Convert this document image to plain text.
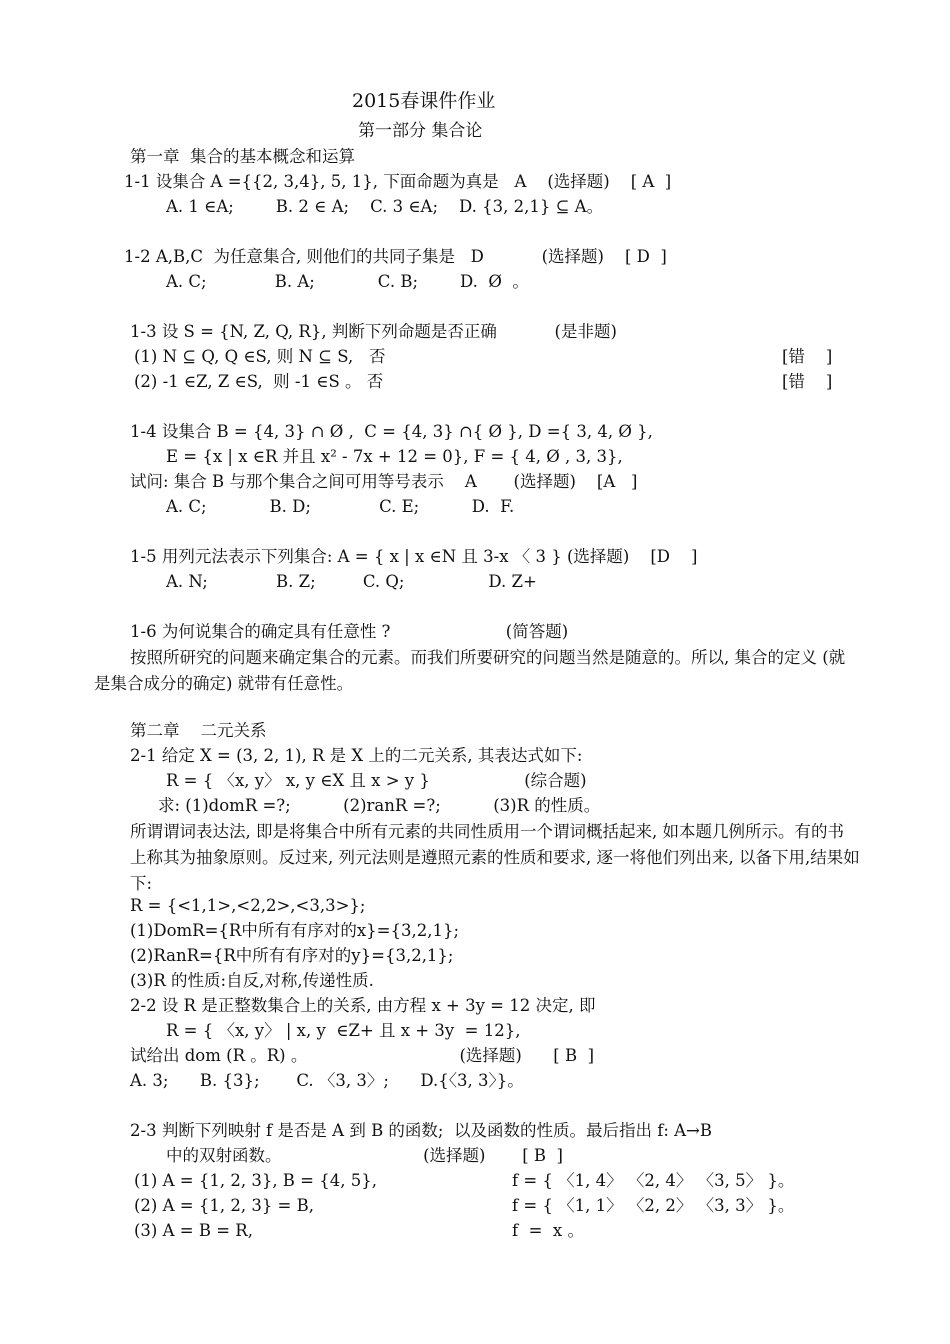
2015春课件作业
第一部分 集合论
第一章  集合的基本概念和运算
1-1 设集合 A ={{2, 3,4}, 5, 1}, 下面命题为真是   A    (选择题)    [ A  ]
A. 1 ∈A;        B. 2 ∈ A;    C. 3 ∈A;    D. {3, 2,1} ⊆ A。
1-2 A,B,C  为任意集合, 则他们的共同子集是   D           (选择题)    [ D  ]
A. C;             B. A;            C. B;        D.  Ø  。
1-3 设 S = {N, Z, Q, R}, 判断下列命题是否正确           (是非题)
(1) N ⊆ Q, Q ∈S, 则 N ⊆ S,   否	[错    ]
(2) -1 ∈Z, Z ∈S,  则 -1 ∈S 。 否	[错    ]
1-4 设集合 B = {4, 3} ∩ Ø ,  C = {4, 3} ∩{ Ø }, D ={ 3, 4, Ø },
E = {x | x ∈R 并且 x² - 7x + 12 = 0}, F = { 4, Ø , 3, 3},
试问: 集合 B 与那个集合之间可用等号表示    A       (选择题)    [A   ]
A. C;            B. D;             C. E;          D.  F.
1-5 用列元法表示下列集合: A = { x | x ∈N 且 3-x 〈 3 } (选择题)    [D    ]
A. N;             B. Z;         C. Q;                D. Z+
1-6 为何说集合的确定具有任意性 ?                      (简答题)
按照所研究的问题来确定集合的元素。而我们所要研究的问题当然是随意的。所以, 集合的定义 (就是集合成分的确定) 就带有任意性。
第二章    二元关系
2-1 给定 X = (3, 2, 1), R 是 X 上的二元关系, 其表达式如下:
R = { 〈x, y〉 x, y ∈X 且 x > y }                  (综合题)
求: (1)domR =?;          (2)ranR =?;          (3)R 的性质。
所谓谓词表达法, 即是将集合中所有元素的共同性质用一个谓词概括起来, 如本题几例所示。有的书上称其为抽象原则。反过来, 列元法则是遵照元素的性质和要求, 逐一将他们列出来, 以备下用,结果如下:
R = {<1,1>,<2,2>,<3,3>};
(1)DomR={R中所有有序对的x}={3,2,1};
(2)RanR={R中所有有序对的y}={3,2,1};
(3)R 的性质:自反,对称,传递性质.
2-2 设 R 是正整数集合上的关系, 由方程 x + 3y = 12 决定, 即
R = { 〈x, y〉 | x, y  ∈Z+ 且 x + 3y  = 12},
试给出 dom (R 。R) 。                             (选择题)      [ B  ]
A. 3;      B. {3};       C. 〈3, 3〉;      D.{〈3, 3〉}。
2-3 判断下列映射 f 是否是 A 到 B 的函数;  以及函数的性质。最后指出 f: A→B
中的双射函数。                           (选择题)       [ B  ]
(1) A = {1, 2, 3}, B = {4, 5},	f = { 〈1, 4〉 〈2, 4〉 〈3, 5〉 }。
(2) A = {1, 2, 3} = B,	f = { 〈1, 1〉 〈2, 2〉 〈3, 3〉 }。
(3) A = B = R,	f  =  x 。
